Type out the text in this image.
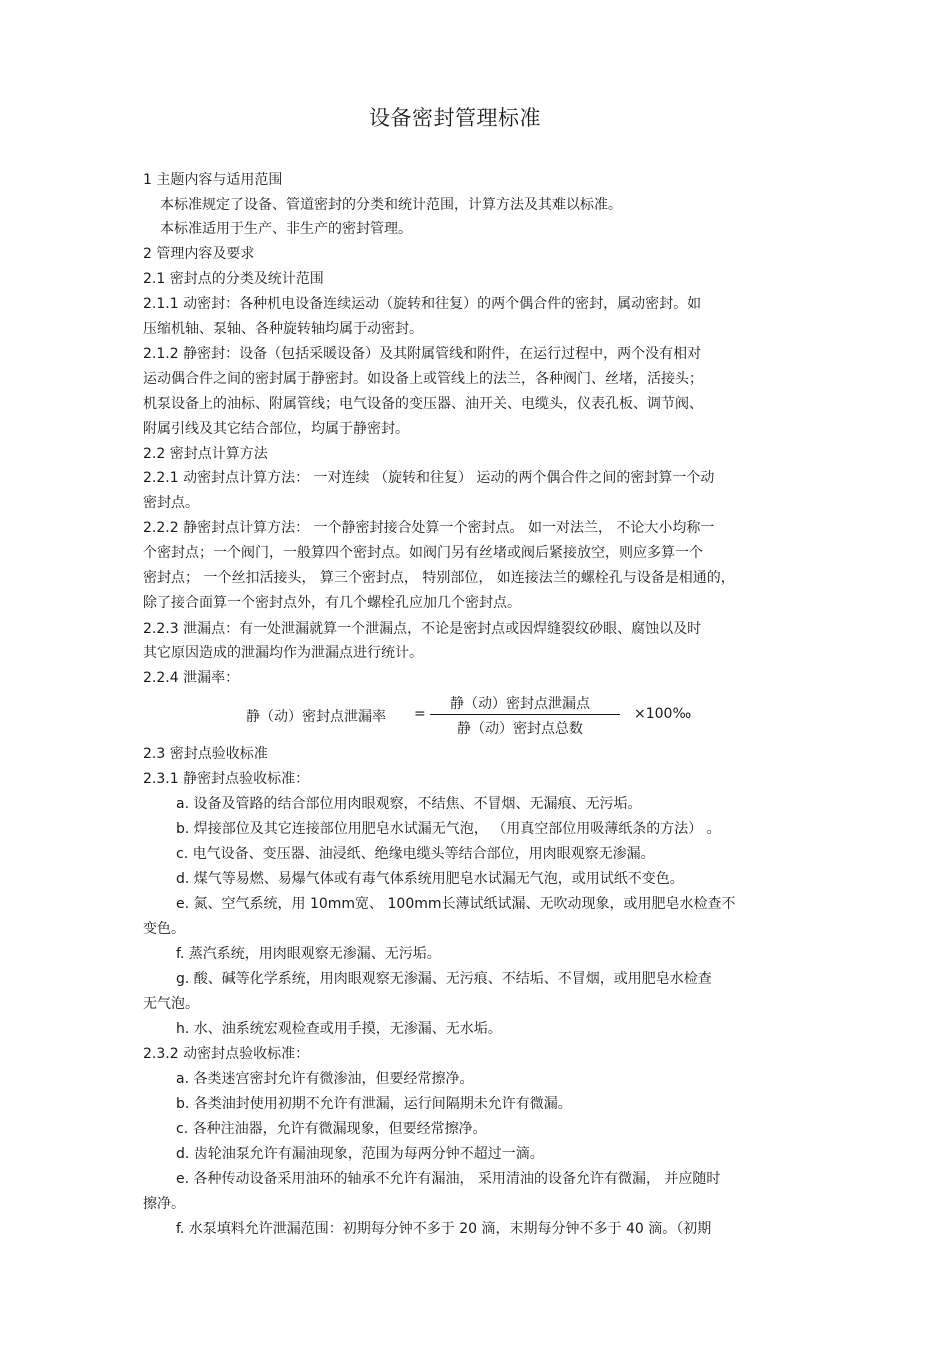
设备密封管理标准
1 主题内容与适用范围
本标准规定了设备、管道密封的分类和统计范围，计算方法及其难以标准。
本标准适用于生产、非生产的密封管理。
2 管理内容及要求
2.1 密封点的分类及统计范围
2.1.1 动密封：各种机电设备连续运动（旋转和往复）的两个偶合件的密封，属动密封。如
压缩机轴、泵轴、各种旋转轴均属于动密封。
2.1.2 静密封：设备（包括采暖设备）及其附属管线和附件，在运行过程中，两个没有相对
运动偶合件之间的密封属于静密封。如设备上或管线上的法兰，各种阀门、丝堵，活接头；
机泵设备上的油标、附属管线；电气设备的变压器、油开关、电缆头，仪表孔板、调节阀、
附属引线及其它结合部位，均属于静密封。
2.2 密封点计算方法
2.2.1 动密封点计算方法： 一对连续 （旋转和往复） 运动的两个偶合件之间的密封算一个动
密封点。
2.2.2 静密封点计算方法： 一个静密封接合处算一个密封点。 如一对法兰， 不论大小均称一
个密封点；一个阀门，一般算四个密封点。如阀门另有丝堵或阀后紧接放空，则应多算一个
密封点； 一个丝扣活接头， 算三个密封点， 特别部位， 如连接法兰的螺栓孔与设备是相通的，
除了接合面算一个密封点外，有几个螺栓孔应加几个密封点。
2.2.3 泄漏点：有一处泄漏就算一个泄漏点，不论是密封点或因焊缝裂纹砂眼、腐蚀以及时
其它原因造成的泄漏均作为泄漏点进行统计。
2.2.4 泄漏率：
静（动）密封点泄漏率 =
静（动）密封点泄漏点
静（动）密封点总数
×100‰
2.3 密封点验收标准
2.3.1 静密封点验收标准：
a. 设备及管路的结合部位用肉眼观察，不结焦、不冒烟、无漏痕、无污垢。
b. 焊接部位及其它连接部位用肥皂水试漏无气泡， （用真空部位用吸薄纸条的方法） 。
c. 电气设备、变压器、油浸纸、绝缘电缆头等结合部位，用肉眼观察无渗漏。
d. 煤气等易燃、易爆气体或有毒气体系统用肥皂水试漏无气泡，或用试纸不变色。
e. 氮、空气系统，用 10mm宽、 100mm长薄试纸试漏、无吹动现象，或用肥皂水检查不
变色。
f. 蒸汽系统，用肉眼观察无渗漏、无污垢。
g. 酸、碱等化学系统，用肉眼观察无渗漏、无污痕、不结垢、不冒烟，或用肥皂水检查
无气泡。
h. 水、油系统宏观检查或用手摸，无渗漏、无水垢。
2.3.2 动密封点验收标准：
a. 各类迷宫密封允许有微渗油，但要经常擦净。
b. 各类油封使用初期不允许有泄漏，运行间隔期未允许有微漏。
c. 各种注油器，允许有微漏现象，但要经常擦净。
d. 齿轮油泵允许有漏油现象，范围为每两分钟不超过一滴。
e. 各种传动设备采用油环的轴承不允许有漏油， 采用清油的设备允许有微漏， 并应随时
擦净。
f. 水泵填料允许泄漏范围：初期每分钟不多于 20 滴，末期每分钟不多于 40 滴。（初期
